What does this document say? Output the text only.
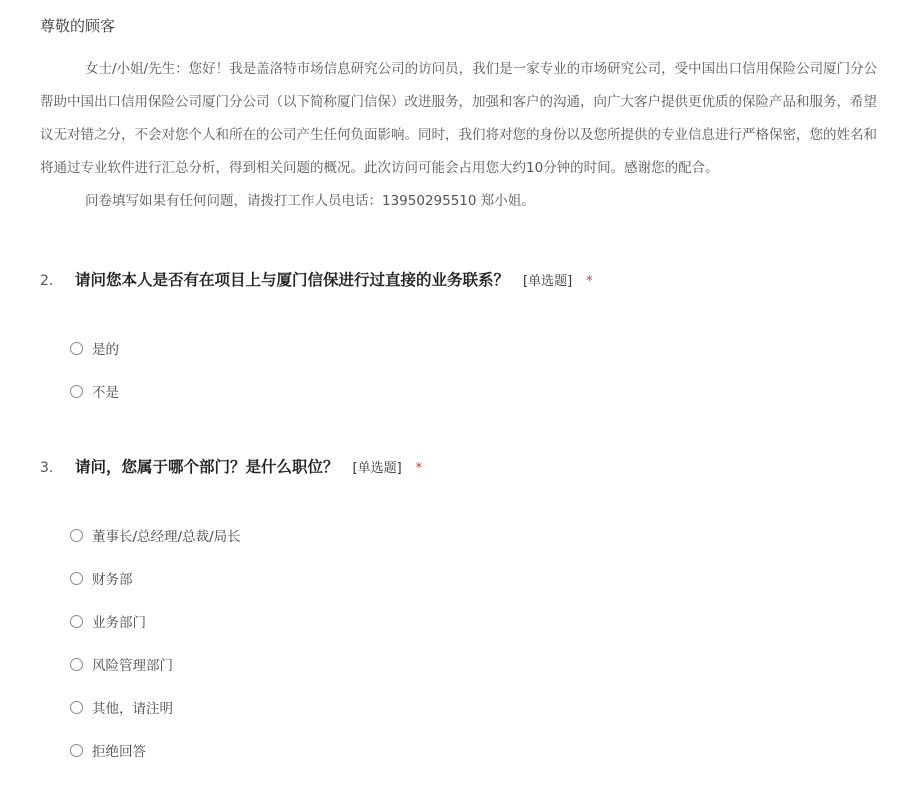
尊敬的顾客
女士/小姐/先生：您好！我是盖洛特市场信息研究公司的访问员，我们是一家专业的市场研究公司，受中国出口信用保险公司厦门分公
帮助中国出口信用保险公司厦门分公司（以下简称厦门信保）改进服务，加强和客户的沟通，向广大客户提供更优质的保险产品和服务，希望
议无对错之分，不会对您个人和所在的公司产生任何负面影响。同时，我们将对您的身份以及您所提供的专业信息进行严格保密，您的姓名和
将通过专业软件进行汇总分析，得到相关问题的概况。此次访问可能会占用您大约10分钟的时间。感谢您的配合。
问卷填写如果有任何问题，请拨打工作人员电话：13950295510 郑小姐。
2.	请问您本人是否有在项目上与厦门信保进行过直接的业务联系？ [单选题] *
是的
不是
3.	请问，您属于哪个部门？是什么职位？ [单选题] *
董事长/总经理/总裁/局长
财务部
业务部门
风险管理部门
其他，请注明
拒绝回答
